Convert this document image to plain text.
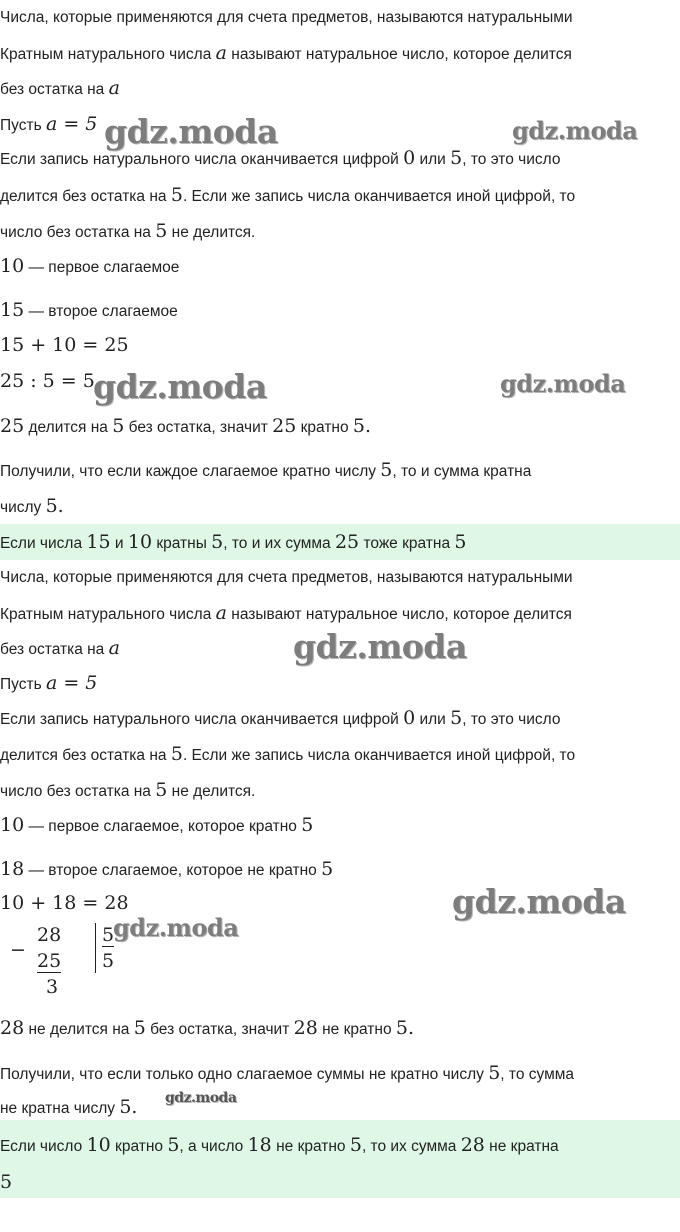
Числа, которые применяются для счета предметов, называются натуральными
Кратным натурального числа a называют натуральное число, которое делится
без остатка на a
Пусть a = 5
Если запись натурального числа оканчивается цифрой 0 или 5, то это число
делится без остатка на 5. Если же запись числа оканчивается иной цифрой, то
число без остатка на 5 не делится.
10 — первое слагаемое
15 — второе слагаемое
15 + 10 = 25
25 : 5 = 5
25 делится на 5 без остатка, значит 25 кратно 5.
Получили, что если каждое слагаемое кратно числу 5, то и сумма кратна
числу 5.
Если числа 15 и 10 кратны 5, то и их сумма 25 тоже кратна 5
Числа, которые применяются для счета предметов, называются натуральными
Кратным натурального числа a называют натуральное число, которое делится
без остатка на a
Пусть a = 5
Если запись натурального числа оканчивается цифрой 0 или 5, то это число
делится без остатка на 5. Если же запись числа оканчивается иной цифрой, то
число без остатка на 5 не делится.
10 — первое слагаемое, которое кратно 5
18 — второе слагаемое, которое не кратно 5
10 + 18 = 28
−
28
25
3
5
5
28 не делится на 5 без остатка, значит 28 не кратно 5.
Получили, что если только одно слагаемое суммы не кратно числу 5, то сумма
не кратна числу 5.
Если число 10 кратно 5, а число 18 не кратно 5, то их сумма 28 не кратна
5
gdz.moda	gdz.moda
gdz.moda	gdz.moda
gdz.moda
gdz.moda
gdz.moda
gdz.moda
